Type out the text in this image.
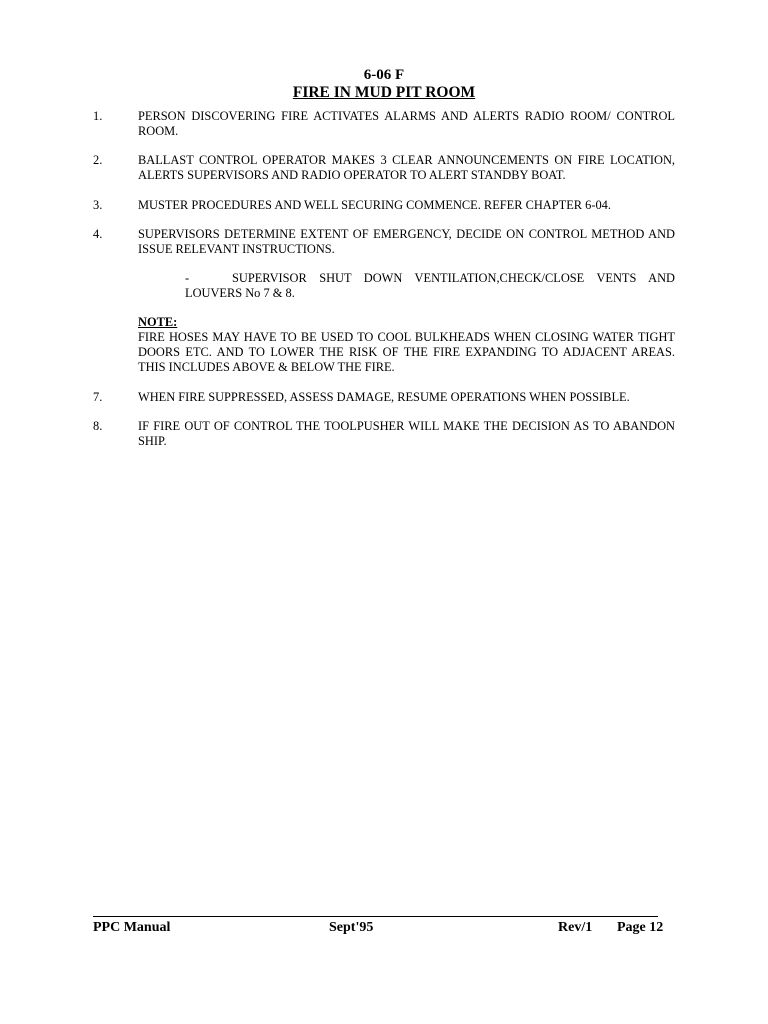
6-06 F
FIRE IN MUD PIT ROOM
1.	PERSON DISCOVERING FIRE ACTIVATES ALARMS AND ALERTS RADIO ROOM/ CONTROL ROOM.
2.	BALLAST CONTROL OPERATOR MAKES 3 CLEAR ANNOUNCEMENTS ON FIRE LOCATION, ALERTS SUPERVISORS AND RADIO OPERATOR TO ALERT STANDBY BOAT.
3.	MUSTER PROCEDURES AND WELL SECURING COMMENCE. REFER CHAPTER 6-04.
4.	SUPERVISORS DETERMINE EXTENT OF EMERGENCY, DECIDE ON CONTROL METHOD AND ISSUE RELEVANT INSTRUCTIONS.
-	SUPERVISOR SHUT DOWN VENTILATION,CHECK/CLOSE VENTS AND LOUVERS No 7 & 8.
NOTE:
FIRE HOSES MAY HAVE TO BE USED TO COOL BULKHEADS WHEN CLOSING WATER TIGHT DOORS ETC. AND TO LOWER THE RISK OF THE FIRE EXPANDING TO ADJACENT AREAS. THIS INCLUDES ABOVE & BELOW THE FIRE.
7.	WHEN FIRE SUPPRESSED, ASSESS DAMAGE, RESUME OPERATIONS WHEN POSSIBLE.
8.	IF FIRE OUT OF CONTROL THE TOOLPUSHER WILL MAKE THE DECISION AS TO ABANDON SHIP.
PPC Manual	Sept'95	Rev/1 Page 12
